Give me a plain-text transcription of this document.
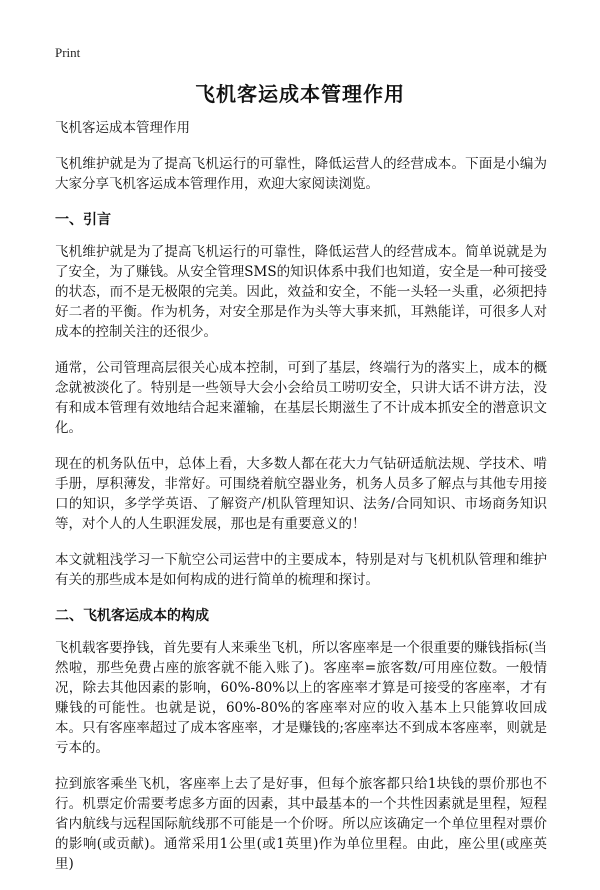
Print
飞机客运成本管理作用

飞机客运成本管理作用

飞机维护就是为了提高飞机运行的可靠性，降低运营人的经营成本。下面是小编为大家分享飞机客运成本管理作用，欢迎大家阅读浏览。

一、引言

飞机维护就是为了提高飞机运行的可靠性，降低运营人的经营成本。简单说就是为了安全，为了赚钱。从安全管理SMS的知识体系中我们也知道，安全是一种可接受的状态，而不是无极限的完美。因此，效益和安全，不能一头轻一头重，必须把持好二者的平衡。作为机务，对安全那是作为头等大事来抓，耳熟能详，可很多人对成本的控制关注的还很少。

通常，公司管理高层很关心成本控制，可到了基层，终端行为的落实上，成本的概念就被淡化了。特别是一些领导大会小会给员工唠叨安全，只讲大话不讲方法，没有和成本管理有效地结合起来灌输，在基层长期滋生了不计成本抓安全的潜意识文化。

现在的机务队伍中，总体上看，大多数人都在花大力气钻研适航法规、学技术、啃手册，厚积薄发，非常好。可围绕着航空器业务，机务人员多了解点与其他专用接口的知识，多学学英语、了解资产/机队管理知识、法务/合同知识、市场商务知识等，对个人的人生职涯发展，那也是有重要意义的！

本文就粗浅学习一下航空公司运营中的主要成本，特别是对与飞机机队管理和维护有关的那些成本是如何构成的进行简单的梳理和探讨。

二、飞机客运成本的构成

飞机载客要挣钱，首先要有人来乘坐飞机，所以客座率是一个很重要的赚钱指标(当然啦，那些免费占座的旅客就不能入账了)。客座率=旅客数/可用座位数。一般情况，除去其他因素的影响，60%-80%以上的客座率才算是可接受的客座率，才有赚钱的可能性。也就是说，60%-80%的客座率对应的收入基本上只能算收回成本。只有客座率超过了成本客座率，才是赚钱的;客座率达不到成本客座率，则就是亏本的。

拉到旅客乘坐飞机，客座率上去了是好事，但每个旅客都只给1块钱的票价那也不行。机票定价需要考虑多方面的因素，其中最基本的一个共性因素就是里程，短程省内航线与远程国际航线那不可能是一个价呀。所以应该确定一个单位里程对票价的影响(或贡献)。通常采用1公里(或1英里)作为单位里程。由此，座公里(或座英里)
